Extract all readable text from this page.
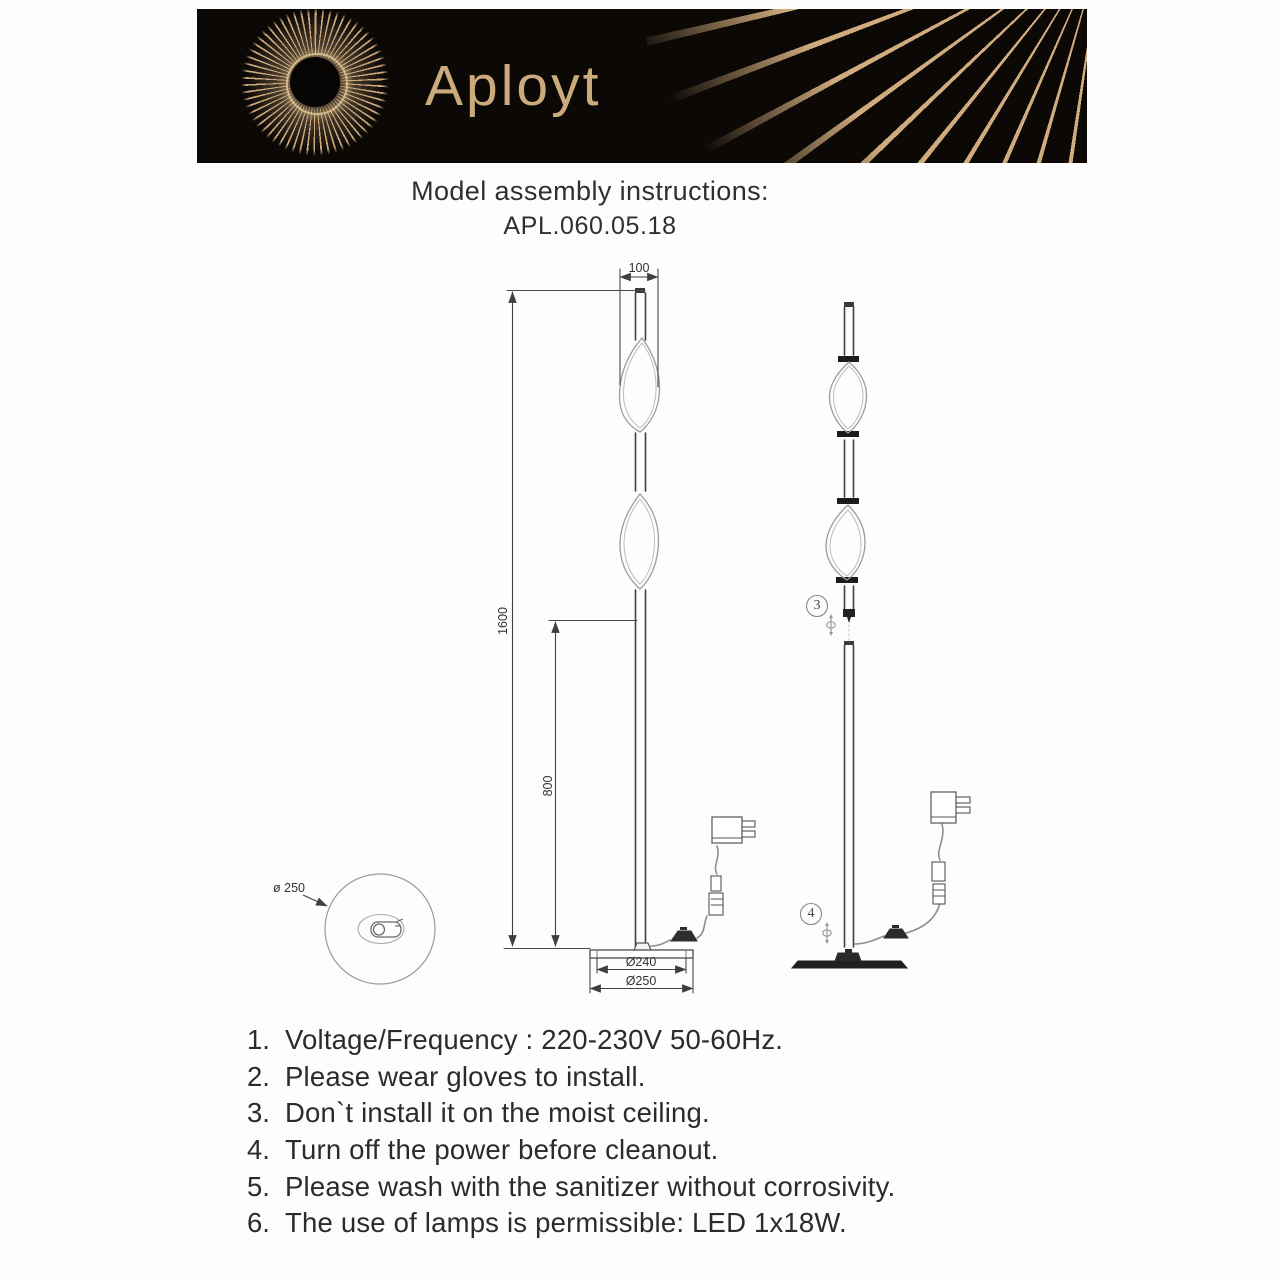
Aployt
Model assembly instructions:
APL.060.05.18
100
1600
800
Ø240
Ø250
ø 250
3
4
1. Voltage/Frequency : 220-230V 50-60Hz.
2. Please wear gloves to install.
3. Don`t install it on the moist ceiling.
4. Turn off the power before cleanout.
5. Please wash with the sanitizer without corrosivity.
6. The use of lamps is permissible: LED 1x18W.
